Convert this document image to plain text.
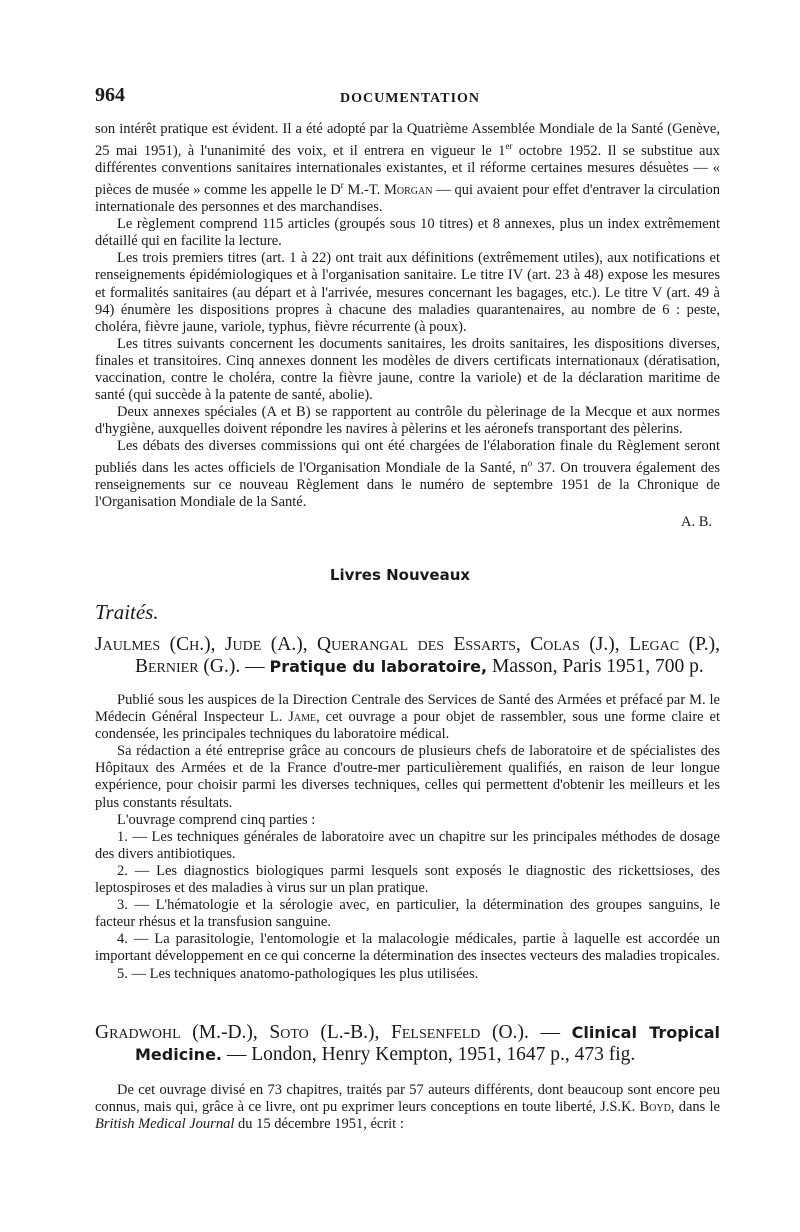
964	DOCUMENTATION

son intérêt pratique est évident. Il a été adopté par la Quatrième Assemblée Mondiale de la Santé (Genève, 25 mai 1951), à l'unanimité des voix, et il entrera en vigueur le 1er octobre 1952. Il se substitue aux différentes conventions sanitaires internationales existantes, et il réforme certaines mesures désuètes — « pièces de musée » comme les appelle le $D^r$ M.-T. Morgan — qui avaient pour effet d'entraver la circulation internationale des personnes et des marchandises.

Le règlement comprend 115 articles (groupés sous 10 titres) et 8 annexes, plus un index extrêmement détaillé qui en facilite la lecture.

Les trois premiers titres (art. 1 à 22) ont trait aux définitions (extrêmement utiles), aux notifications et renseignements épidémiologiques et à l'organisation sanitaire. Le titre IV (art. 23 à 48) expose les mesures et formalités sanitaires (au départ et à l'arrivée, mesures concernant les bagages, etc.). Le titre V (art. 49 à 94) énumère les dispositions propres à chacune des maladies quarantenaires, au nombre de 6 : peste, choléra, fièvre jaune, variole, typhus, fièvre récurrente (à poux).

Les titres suivants concernent les documents sanitaires, les droits sanitaires, les dispositions diverses, finales et transitoires. Cinq annexes donnent les modèles de divers certificats internationaux (dératisation, vaccination, contre le choléra, contre la fièvre jaune, contre la variole) et de la déclaration maritime de santé (qui succède à la patente de santé, abolie).

Deux annexes spéciales (A et B) se rapportent au contrôle du pèlerinage de la Mecque et aux normes d'hygiène, auxquelles doivent répondre les navires à pèlerins et les aéronefs transportant des pèlerins.

Les débats des diverses commissions qui ont été chargées de l'élaboration finale du Règlement seront publiés dans les actes officiels de l'Organisation Mondiale de la Santé, $n^o$ 37. On trouvera également des renseignements sur ce nouveau Règlement dans le numéro de septembre 1951 de la Chronique de l'Organisation Mondiale de la Santé.

A. B.
Livres Nouveaux
Traités.
Jaulmes (Ch.), Jude (A.), Querangal des Essarts, Colas (J.), Legac (P.), Bernier (G.). — Pratique du laboratoire, Masson, Paris 1951, 700 p.

Publié sous les auspices de la Direction Centrale des Services de Santé des Armées et préfacé par M. le Médecin Général Inspecteur L. Jame, cet ouvrage a pour objet de rassembler, sous une forme claire et condensée, les principales techniques du laboratoire médical.

Sa rédaction a été entreprise grâce au concours de plusieurs chefs de laboratoire et de spécialistes des Hôpitaux des Armées et de la France d'outre-mer particulièrement qualifiés, en raison de leur longue expérience, pour choisir parmi les diverses techniques, celles qui permettent d'obtenir les meilleurs et les plus constants résultats.

L'ouvrage comprend cinq parties :

1. — Les techniques générales de laboratoire avec un chapitre sur les principales méthodes de dosage des divers antibiotiques.

2. — Les diagnostics biologiques parmi lesquels sont exposés le diagnostic des rickettsioses, des leptospiroses et des maladies à virus sur un plan pratique.

3. — L'hématologie et la sérologie avec, en particulier, la détermination des groupes sanguins, le facteur rhésus et la transfusion sanguine.

4. — La parasitologie, l'entomologie et la malacologie médicales, partie à laquelle est accordée un important développement en ce qui concerne la détermination des insectes vecteurs des maladies tropicales.

5. — Les techniques anatomo-pathologiques les plus utilisées.

Gradwohl (M.-D.), Soto (L.-B.), Felsenfeld (O.). — Clinical Tropical Medicine. — London, Henry Kempton, 1951, 1647 p., 473 fig.

De cet ouvrage divisé en 73 chapitres, traités par 57 auteurs différents, dont beaucoup sont encore peu connus, mais qui, grâce à ce livre, ont pu exprimer leurs conceptions en toute liberté, J.S.K. Boyd, dans le British Medical Journal du 15 décembre 1951, écrit :
